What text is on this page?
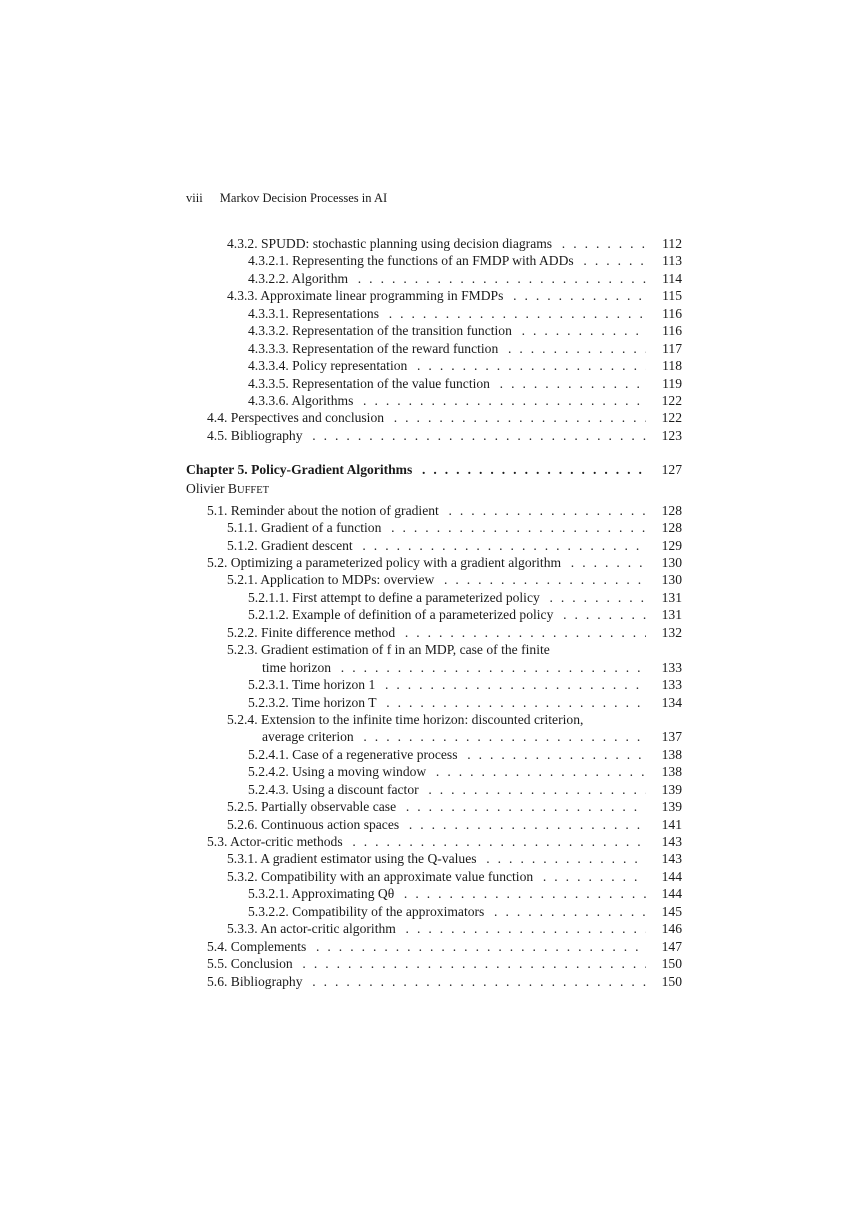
viii Markov Decision Processes in AI
4.3.2. SPUDD: stochastic planning using decision diagrams . . .	112
4.3.2.1. Representing the functions of an FMDP with ADDs . . .	113
4.3.2.2. Algorithm . . .	114
4.3.3. Approximate linear programming in FMDPs . . .	115
4.3.3.1. Representations . . .	116
4.3.3.2. Representation of the transition function . . .	116
4.3.3.3. Representation of the reward function . . .	117
4.3.3.4. Policy representation . . .	118
4.3.3.5. Representation of the value function . . .	119
4.3.3.6. Algorithms . . .	122
4.4. Perspectives and conclusion . . .	122
4.5. Bibliography . . .	123
Chapter 5. Policy-Gradient Algorithms . . .	127
Olivier BUFFET
5.1. Reminder about the notion of gradient . . .	128
5.1.1. Gradient of a function . . .	128
5.1.2. Gradient descent . . .	129
5.2. Optimizing a parameterized policy with a gradient algorithm . . .	130
5.2.1. Application to MDPs: overview . . .	130
5.2.1.1. First attempt to define a parameterized policy . . .	131
5.2.1.2. Example of definition of a parameterized policy . . .	131
5.2.2. Finite difference method . . .	132
5.2.3. Gradient estimation of f in an MDP, case of the finite
time horizon . . .	133
5.2.3.1. Time horizon 1 . . .	133
5.2.3.2. Time horizon T . . .	134
5.2.4. Extension to the infinite time horizon: discounted criterion,
average criterion . . .	137
5.2.4.1. Case of a regenerative process . . .	138
5.2.4.2. Using a moving window . . .	138
5.2.4.3. Using a discount factor . . .	139
5.2.5. Partially observable case . . .	139
5.2.6. Continuous action spaces . . .	141
5.3. Actor-critic methods . . .	143
5.3.1. A gradient estimator using the Q-values . . .	143
5.3.2. Compatibility with an approximate value function . . .	144
5.3.2.1. Approximating Qθ . . .	144
5.3.2.2. Compatibility of the approximators . . .	145
5.3.3. An actor-critic algorithm . . .	146
5.4. Complements . . .	147
5.5. Conclusion . . .	150
5.6. Bibliography . . .	150
